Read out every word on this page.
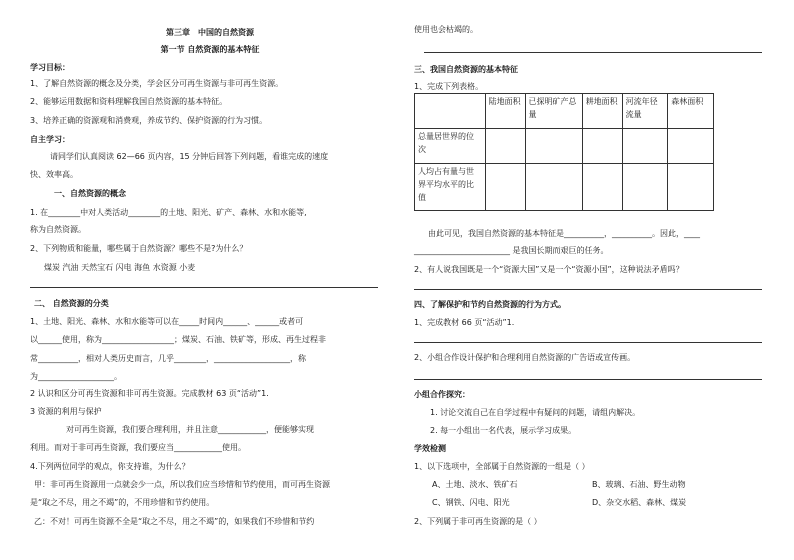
第三章　中国的自然资源
第一节 自然资源的基本特征
学习目标：
1、了解自然资源的概念及分类，学会区分可再生资源与非可再生资源。
2、能够运用数据和资料理解我国自然资源的基本特征。
3、培养正确的资源观和消费观，养成节约、保护资源的行为习惯。
自主学习：
请同学们认真阅读 62—66 页内容，15 分钟后回答下列问题，看谁完成的速度
快、效率高。
一、自然资源的概念
1. 在________中对人类活动________的土地、阳光、矿产、森林、水和水能等,
称为自然资源。
2、下列物质和能量，哪些属于自然资源？哪些不是?为什么？
煤炭 汽油 天然宝石 闪电 海鱼 水资源 小麦
二、 自然资源的分类
1、土地、阳光、森林、水和水能等可以在_____时间内______、______或者可
以______使用，称为__________________；煤炭、石油、铁矿等，形成、再生过程非
常__________，相对人类历史而言，几乎________，___________________，称
为___________________。
2 认识和区分可再生资源和非可再生资源。完成教材 63 页“活动”1.
3 资源的利用与保护
对可再生资源，我们要合理利用，并且注意____________，便能够实现
利用。而对于非可再生资源，我们要应当____________使用。
4.下列两位同学的观点，你支持谁，为什么？
甲：非可再生资源用一点就会少一点，所以我们应当珍惜和节约使用，而可再生资源
是“取之不尽，用之不竭”的，不用珍惜和节约使用。
乙：不对！可再生资源不全是“取之不尽，用之不竭”的，如果我们不珍惜和节约
使用也会枯竭的。
三、我国自然资源的基本特征
1、完成下列表格。
	陆地面积	已探明矿产总量	耕地面积	河流年径流量	森林面积
总量居世界的位次					
人均占有量与世界平均水平的比值					
由此可见，我国自然资源的基本特征是__________，__________。因此，____
________________________ 是我国长期而艰巨的任务。
2、有人说我国既是一个“资源大国”又是一个“资源小国”，这种说法矛盾吗？
四、了解保护和节约自然资源的行为方式。
1、完成教材 66 页“活动”1.
2、小组合作设计保护和合理利用自然资源的广告语或宣传画。
小组合作探究：
1. 讨论交流自己在自学过程中有疑问的问题，请组内解决。
2. 每一小组出一名代表，展示学习成果。
学效检测
1、以下选项中，全部属于自然资源的一组是（ ）
A、土地、淡水、铁矿石	B、玻璃、石油、野生动物
C、钢铁、闪电、阳光	D、杂交水稻、森林、煤炭
2、下列属于非可再生资源的是（ ）
